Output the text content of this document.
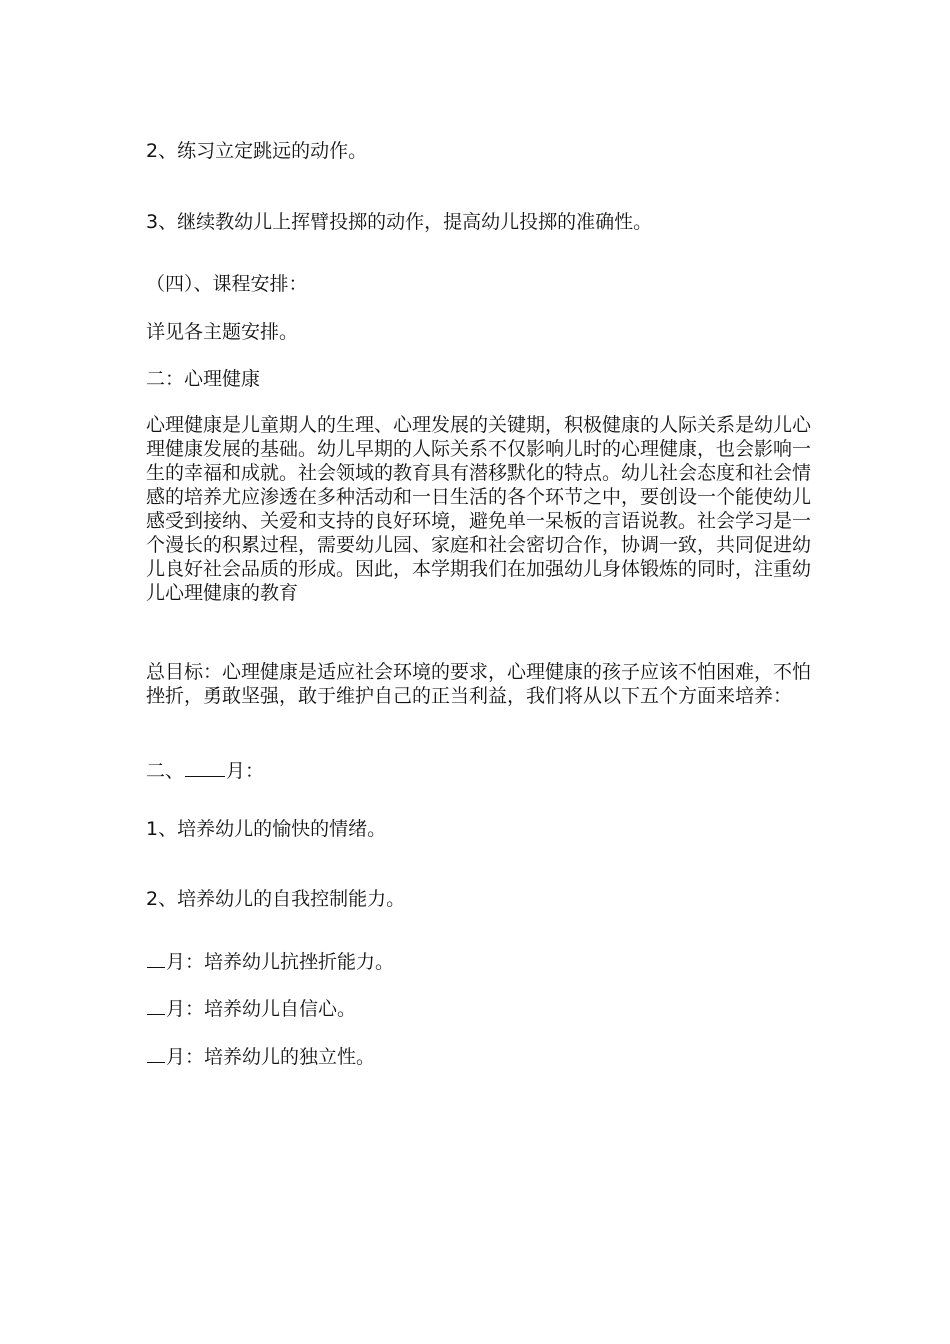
2、练习立定跳远的动作。
3、继续教幼儿上挥臂投掷的动作，提高幼儿投掷的准确性。
（四）、课程安排：
详见各主题安排。
二：心理健康
心理健康是儿童期人的生理、心理发展的关键期，积极健康的人际关系是幼儿心理健康发展的基础。幼儿早期的人际关系不仅影响儿时的心理健康，也会影响一生的幸福和成就。社会领域的教育具有潜移默化的特点。幼儿社会态度和社会情感的培养尤应渗透在多种活动和一日生活的各个环节之中，要创设一个能使幼儿感受到接纳、关爱和支持的良好环境，避免单一呆板的言语说教。社会学习是一个漫长的积累过程，需要幼儿园、家庭和社会密切合作，协调一致，共同促进幼儿良好社会品质的形成。因此，本学期我们在加强幼儿身体锻炼的同时，注重幼儿心理健康的教育
总目标：心理健康是适应社会环境的要求，心理健康的孩子应该不怕困难，不怕挫折，勇敢坚强，敢于维护自己的正当利益，我们将从以下五个方面来培养：
二、 月：
1、培养幼儿的愉快的情绪。
2、培养幼儿的自我控制能力。
月：培养幼儿抗挫折能力。
月：培养幼儿自信心。
月：培养幼儿的独立性。
